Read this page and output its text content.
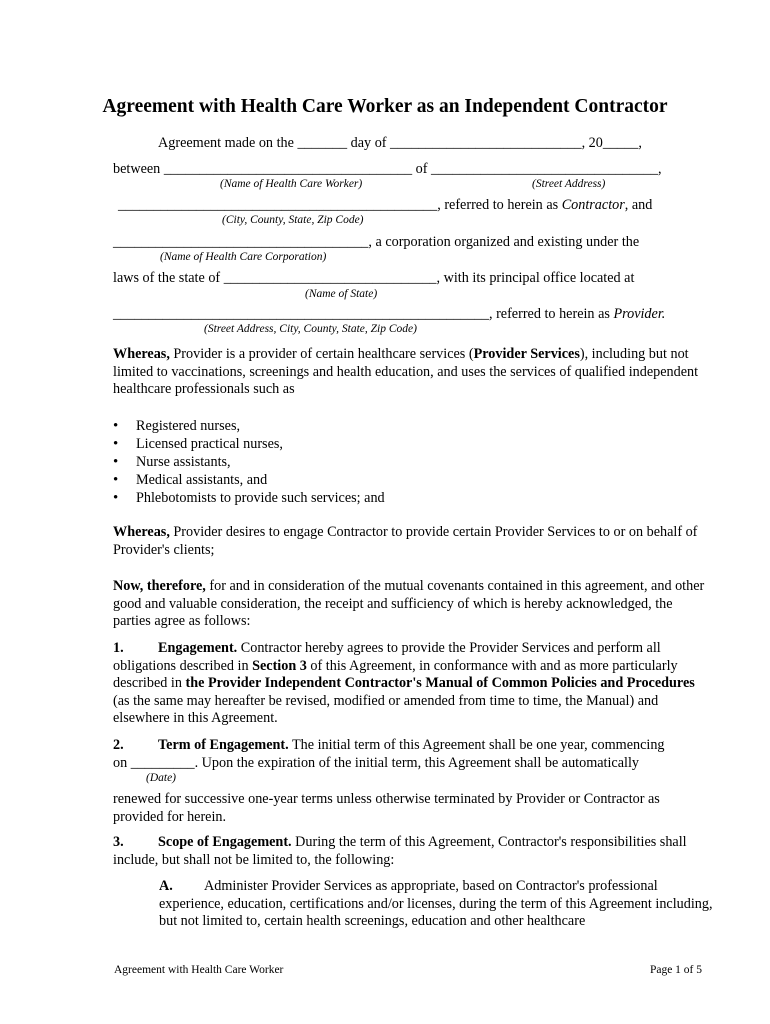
Agreement with Health Care Worker as an Independent Contractor
Agreement made on the _______ day of ___________________________, 20_____,
between ___________________________________ of ________________________________,
(Name of Health Care Worker)	(Street Address)
_____________________________________________, referred to herein as Contractor, and
(City, County, State, Zip Code)
____________________________________, a corporation organized and existing under the
(Name of Health Care Corporation)
laws of the state of ______________________________, with its principal office located at
(Name of State)
_____________________________________________________, referred to herein as Provider.
(Street Address, City, County, State, Zip Code)
Whereas, Provider is a provider of certain healthcare services (Provider Services), including but not limited to vaccinations, screenings and health education, and uses the services of qualified independent healthcare professionals such as
• Registered nurses,
• Licensed practical nurses,
• Nurse assistants,
• Medical assistants, and
• Phlebotomists to provide such services; and
Whereas, Provider desires to engage Contractor to provide certain Provider Services to or on behalf of Provider's clients;
Now, therefore, for and in consideration of the mutual covenants contained in this agreement, and other good and valuable consideration, the receipt and sufficiency of which is hereby acknowledged, the parties agree as follows:
1. Engagement. Contractor hereby agrees to provide the Provider Services and perform all obligations described in Section 3 of this Agreement, in conformance with and as more particularly described in the Provider Independent Contractor's Manual of Common Policies and Procedures (as the same may hereafter be revised, modified or amended from time to time, the Manual) and elsewhere in this Agreement.
2. Term of Engagement. The initial term of this Agreement shall be one year, commencing
on _________. Upon the expiration of the initial term, this Agreement shall be automatically
(Date)
renewed for successive one-year terms unless otherwise terminated by Provider or Contractor as provided for herein.
3. Scope of Engagement. During the term of this Agreement, Contractor's responsibilities shall include, but shall not be limited to, the following:
A.	Administer Provider Services as appropriate, based on Contractor's professional experience, education, certifications and/or licenses, during the term of this Agreement including, but not limited to, certain health screenings, education and other healthcare
Agreement with Health Care Worker	Page 1 of 5
